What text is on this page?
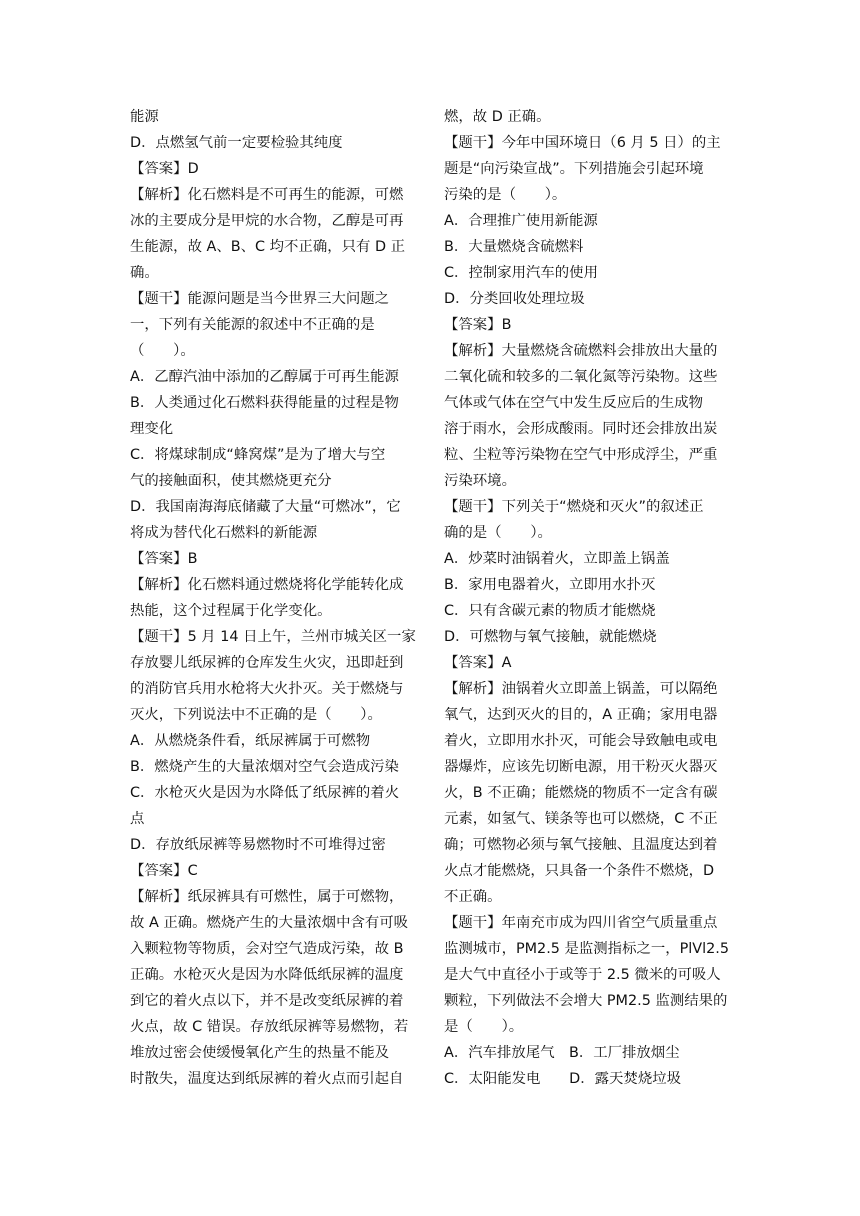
能源
D．点燃氢气前一定要检验其纯度
【答案】D
【解析】化石燃料是不可再生的能源，可燃
冰的主要成分是甲烷的水合物，乙醇是可再
生能源，故 A、B、C 均不正确，只有 D 正
确。
【题干】能源问题是当今世界三大问题之
一，下列有关能源的叙述中不正确的是
（　　）。
A．乙醇汽油中添加的乙醇属于可再生能源
B．人类通过化石燃料获得能量的过程是物
理变化
C．将煤球制成“蜂窝煤”是为了增大与空
气的接触面积，使其燃烧更充分
D．我国南海海底储藏了大量“可燃冰”，它
将成为替代化石燃料的新能源
【答案】B
【解析】化石燃料通过燃烧将化学能转化成
热能，这个过程属于化学变化。
【题干】5 月 14 日上午，兰州市城关区一家
存放婴儿纸尿裤的仓库发生火灾，迅即赶到
的消防官兵用水枪将大火扑灭。关于燃烧与
灭火，下列说法中不正确的是（　　）。
A．从燃烧条件看，纸尿裤属于可燃物
B．燃烧产生的大量浓烟对空气会造成污染
C．水枪灭火是因为水降低了纸尿裤的着火
点
D．存放纸尿裤等易燃物时不可堆得过密
【答案】C
【解析】纸尿裤具有可燃性，属于可燃物，
故 A 正确。燃烧产生的大量浓烟中含有可吸
入颗粒物等物质，会对空气造成污染，故 B
正确。水枪灭火是因为水降低纸尿裤的温度
到它的着火点以下，并不是改变纸尿裤的着
火点，故 C 错误。存放纸尿裤等易燃物，若
堆放过密会使缓慢氧化产生的热量不能及
时散失，温度达到纸尿裤的着火点而引起自
燃，故 D 正确。
【题干】今年中国环境日（6 月 5 日）的主
题是“向污染宣战”。下列措施会引起环境
污染的是（　　）。
A．合理推广使用新能源
B．大量燃烧含硫燃料
C．控制家用汽车的使用
D．分类回收处理垃圾
【答案】B
【解析】大量燃烧含硫燃料会排放出大量的
二氧化硫和较多的二氧化氮等污染物。这些
气体或气体在空气中发生反应后的生成物
溶于雨水，会形成酸雨。同时还会排放出炭
粒、尘粒等污染物在空气中形成浮尘，严重
污染环境。
【题干】下列关于“燃烧和灭火”的叙述正
确的是（　　）。
A．炒菜时油锅着火，立即盖上锅盖
B．家用电器着火，立即用水扑灭
C．只有含碳元素的物质才能燃烧
D．可燃物与氧气接触，就能燃烧
【答案】A
【解析】油锅着火立即盖上锅盖，可以隔绝
氧气，达到灭火的目的，A 正确；家用电器
着火，立即用水扑灭，可能会导致触电或电
器爆炸，应该先切断电源，用干粉灭火器灭
火，B 不正确；能燃烧的物质不一定含有碳
元素，如氢气、镁条等也可以燃烧，C 不正
确；可燃物必须与氧气接触、且温度达到着
火点才能燃烧，只具备一个条件不燃烧，D
不正确。
【题干】年南充市成为四川省空气质量重点
监测城市，PM2.5 是监测指标之一，PlVl2.5
是大气中直径小于或等于 2.5 微米的可吸人
颗粒，下列做法不会增大 PM2.5 监测结果的
是（　　）。
A．汽车排放尾气　B．工厂排放烟尘
C．太阳能发电　　D．露天焚烧垃圾
